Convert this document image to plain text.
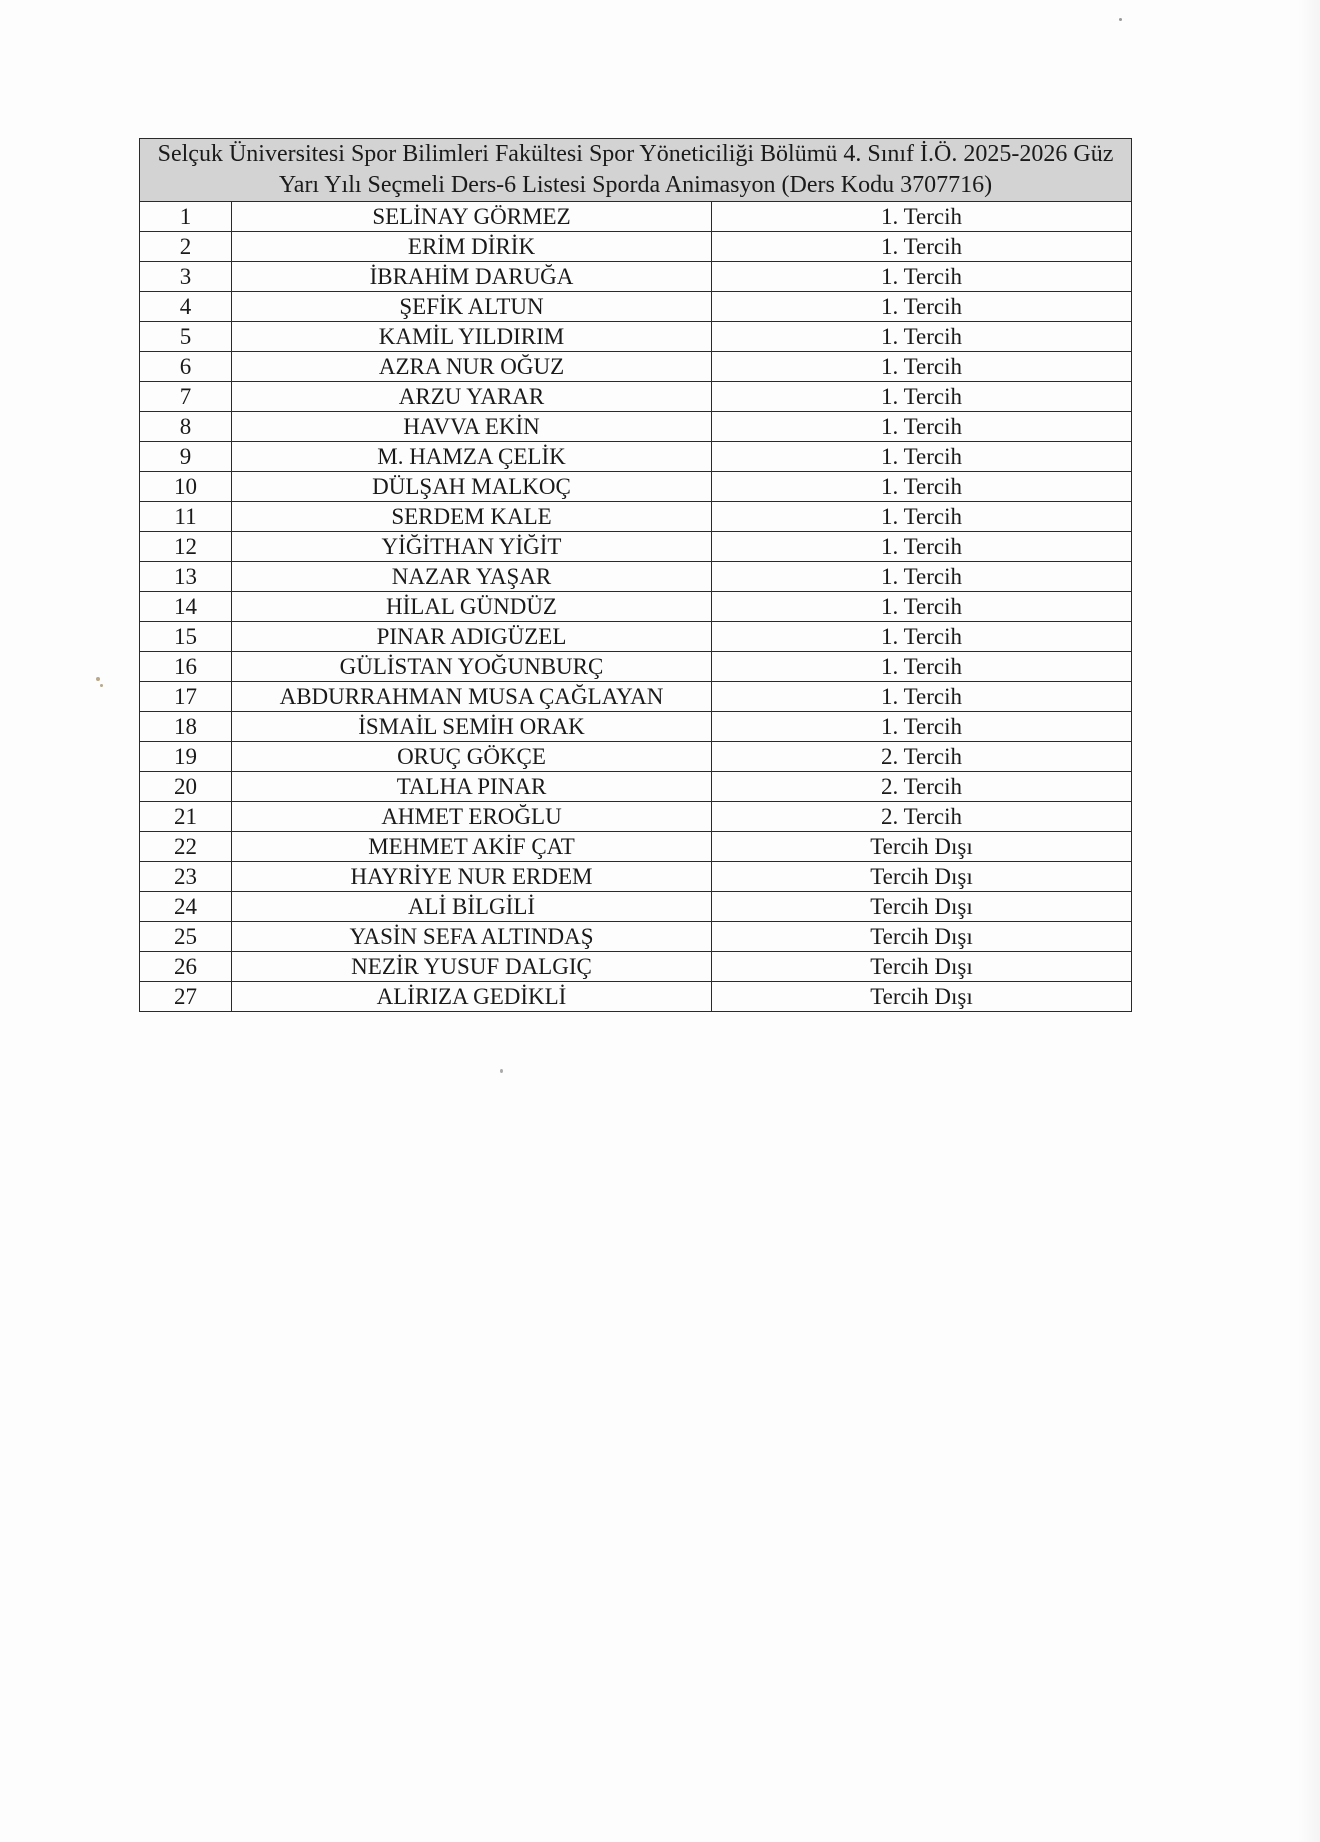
Selçuk Üniversitesi Spor Bilimleri Fakültesi Spor Yöneticiliği Bölümü 4. Sınıf İ.Ö. 2025-2026 Güz Yarı Yılı Seçmeli Ders-6 Listesi Sporda Animasyon (Ders Kodu 3707716)		
1	SELİNAY GÖRMEZ	1. Tercih
2	ERİM DİRİK	1. Tercih
3	İBRAHİM DARUĞA	1. Tercih
4	ŞEFİK ALTUN	1. Tercih
5	KAMİL YILDIRIM	1. Tercih
6	AZRA NUR OĞUZ	1. Tercih
7	ARZU YARAR	1. Tercih
8	HAVVA EKİN	1. Tercih
9	M. HAMZA ÇELİK	1. Tercih
10	DÜLŞAH MALKOÇ	1. Tercih
11	SERDEM KALE	1. Tercih
12	YİĞİTHAN YİĞİT	1. Tercih
13	NAZAR YAŞAR	1. Tercih
14	HİLAL GÜNDÜZ	1. Tercih
15	PINAR ADIGÜZEL	1. Tercih
16	GÜLİSTAN YOĞUNBURÇ	1. Tercih
17	ABDURRAHMAN MUSA ÇAĞLAYAN	1. Tercih
18	İSMAİL SEMİH ORAK	1. Tercih
19	ORUÇ GÖKÇE	2. Tercih
20	TALHA PINAR	2. Tercih
21	AHMET EROĞLU	2. Tercih
22	MEHMET AKİF ÇAT	Tercih Dışı
23	HAYRİYE NUR ERDEM	Tercih Dışı
24	ALİ BİLGİLİ	Tercih Dışı
25	YASİN SEFA ALTINDAŞ	Tercih Dışı
26	NEZİR YUSUF DALGIÇ	Tercih Dışı
27	ALİRIZA GEDİKLİ	Tercih Dışı
